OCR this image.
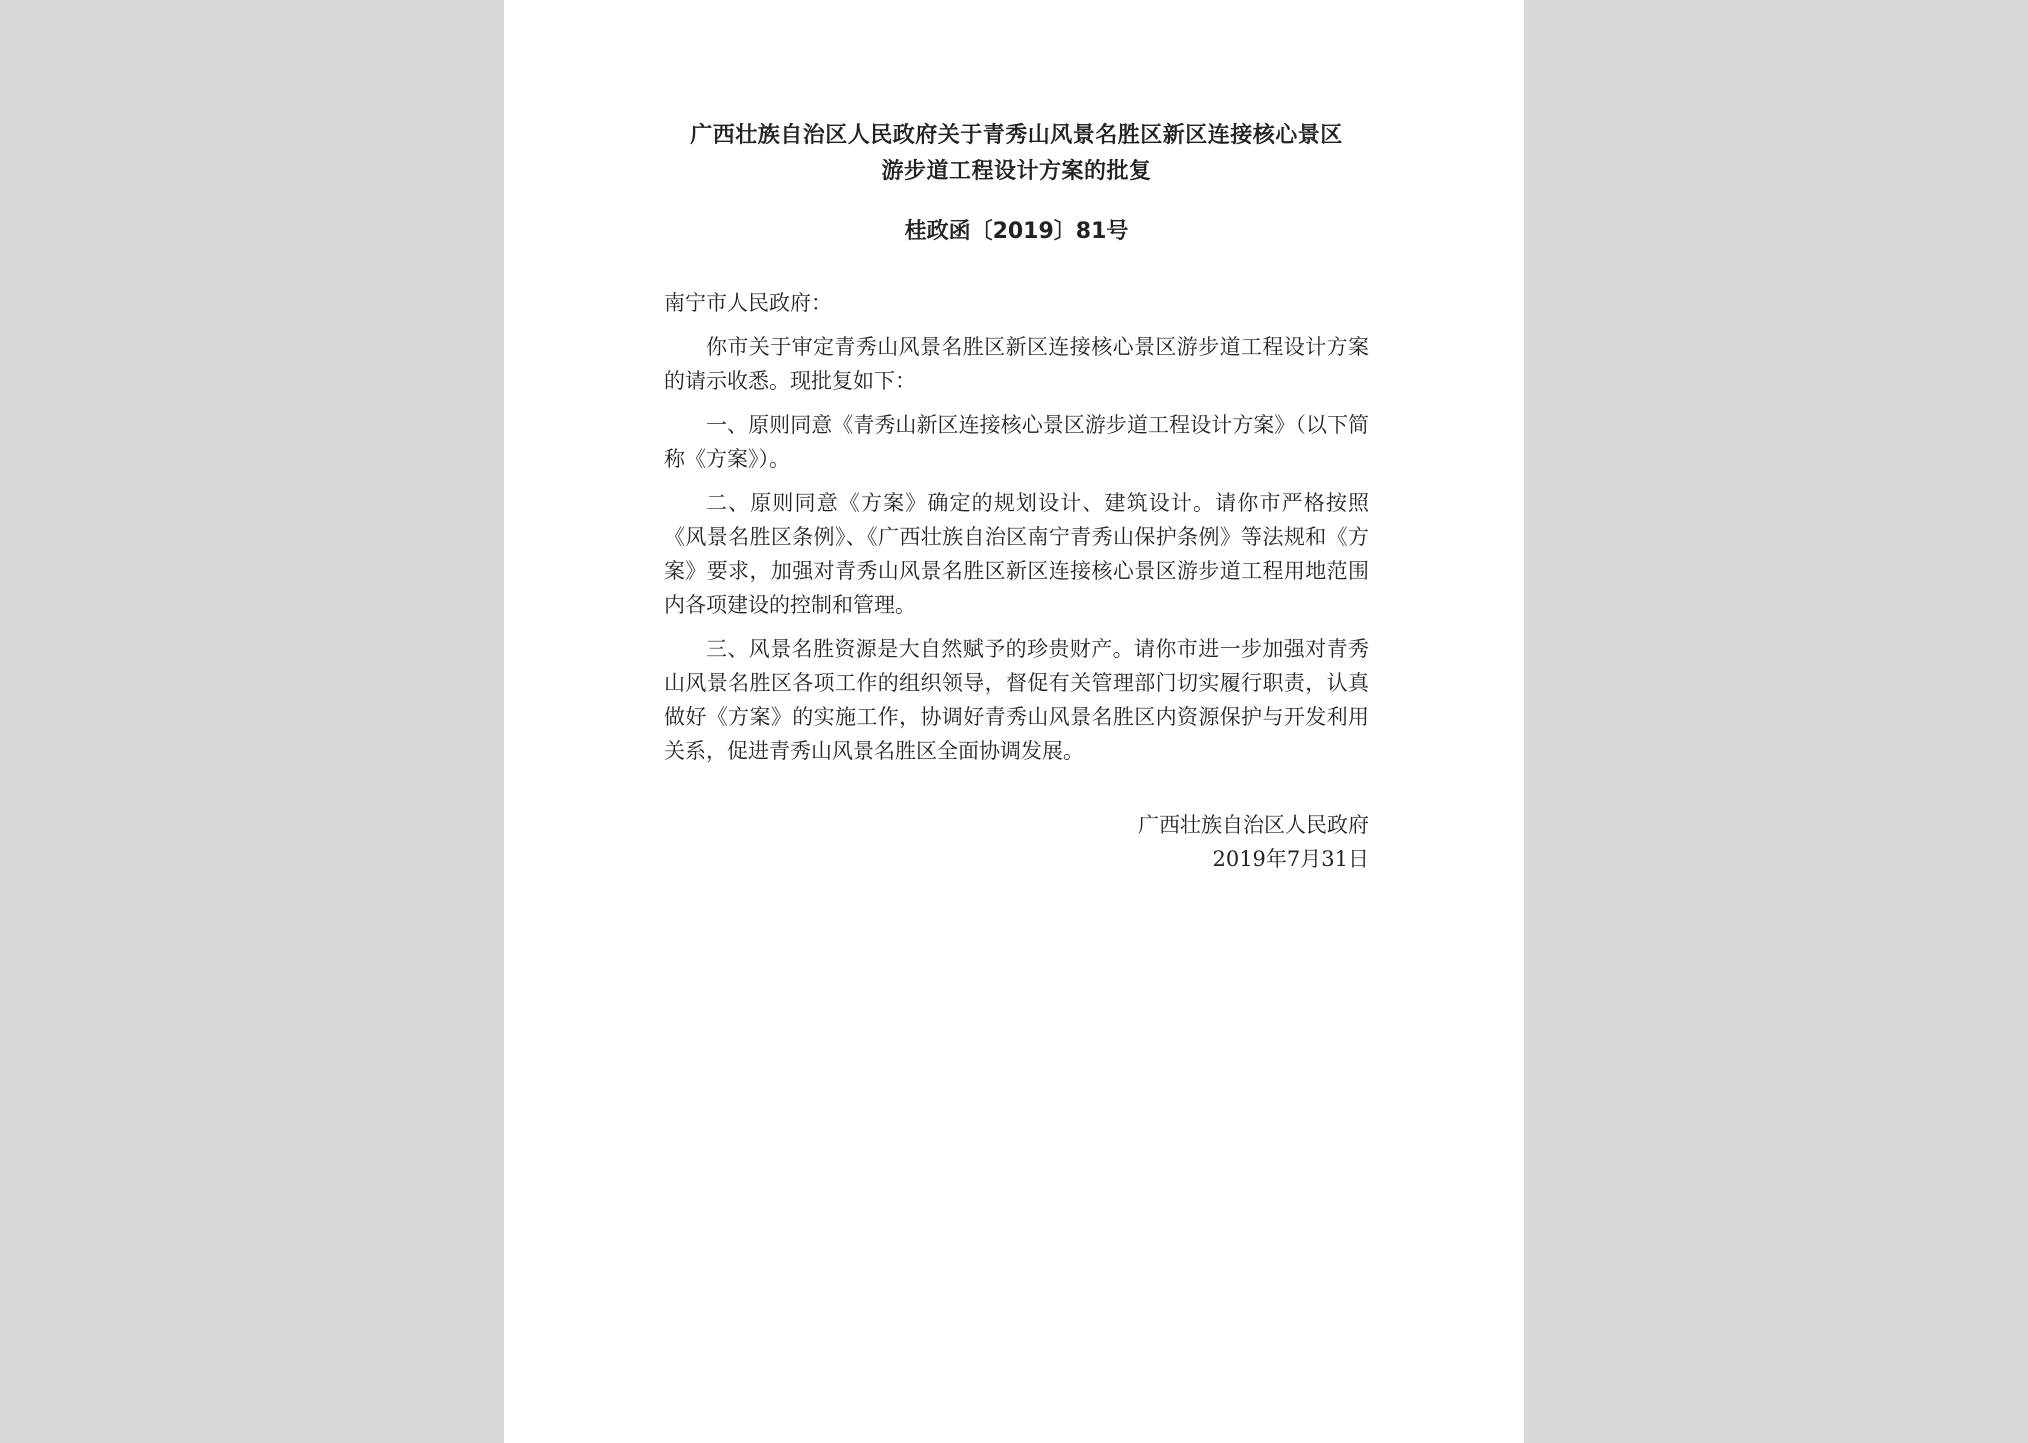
广西壮族自治区人民政府关于青秀山风景名胜区新区连接核心景区
游步道工程设计方案的批复
桂政函〔2019〕81号
南宁市人民政府：
你市关于审定青秀山风景名胜区新区连接核心景区游步道工程设计方案的请示收悉。现批复如下：
一、原则同意《青秀山新区连接核心景区游步道工程设计方案》（以下简称《方案》）。
二、原则同意《方案》确定的规划设计、建筑设计。请你市严格按照《风景名胜区条例》、《广西壮族自治区南宁青秀山保护条例》等法规和《方案》要求，加强对青秀山风景名胜区新区连接核心景区游步道工程用地范围内各项建设的控制和管理。
三、风景名胜资源是大自然赋予的珍贵财产。请你市进一步加强对青秀山风景名胜区各项工作的组织领导，督促有关管理部门切实履行职责，认真做好《方案》的实施工作，协调好青秀山风景名胜区内资源保护与开发利用关系，促进青秀山风景名胜区全面协调发展。
广西壮族自治区人民政府
2019年7月31日
